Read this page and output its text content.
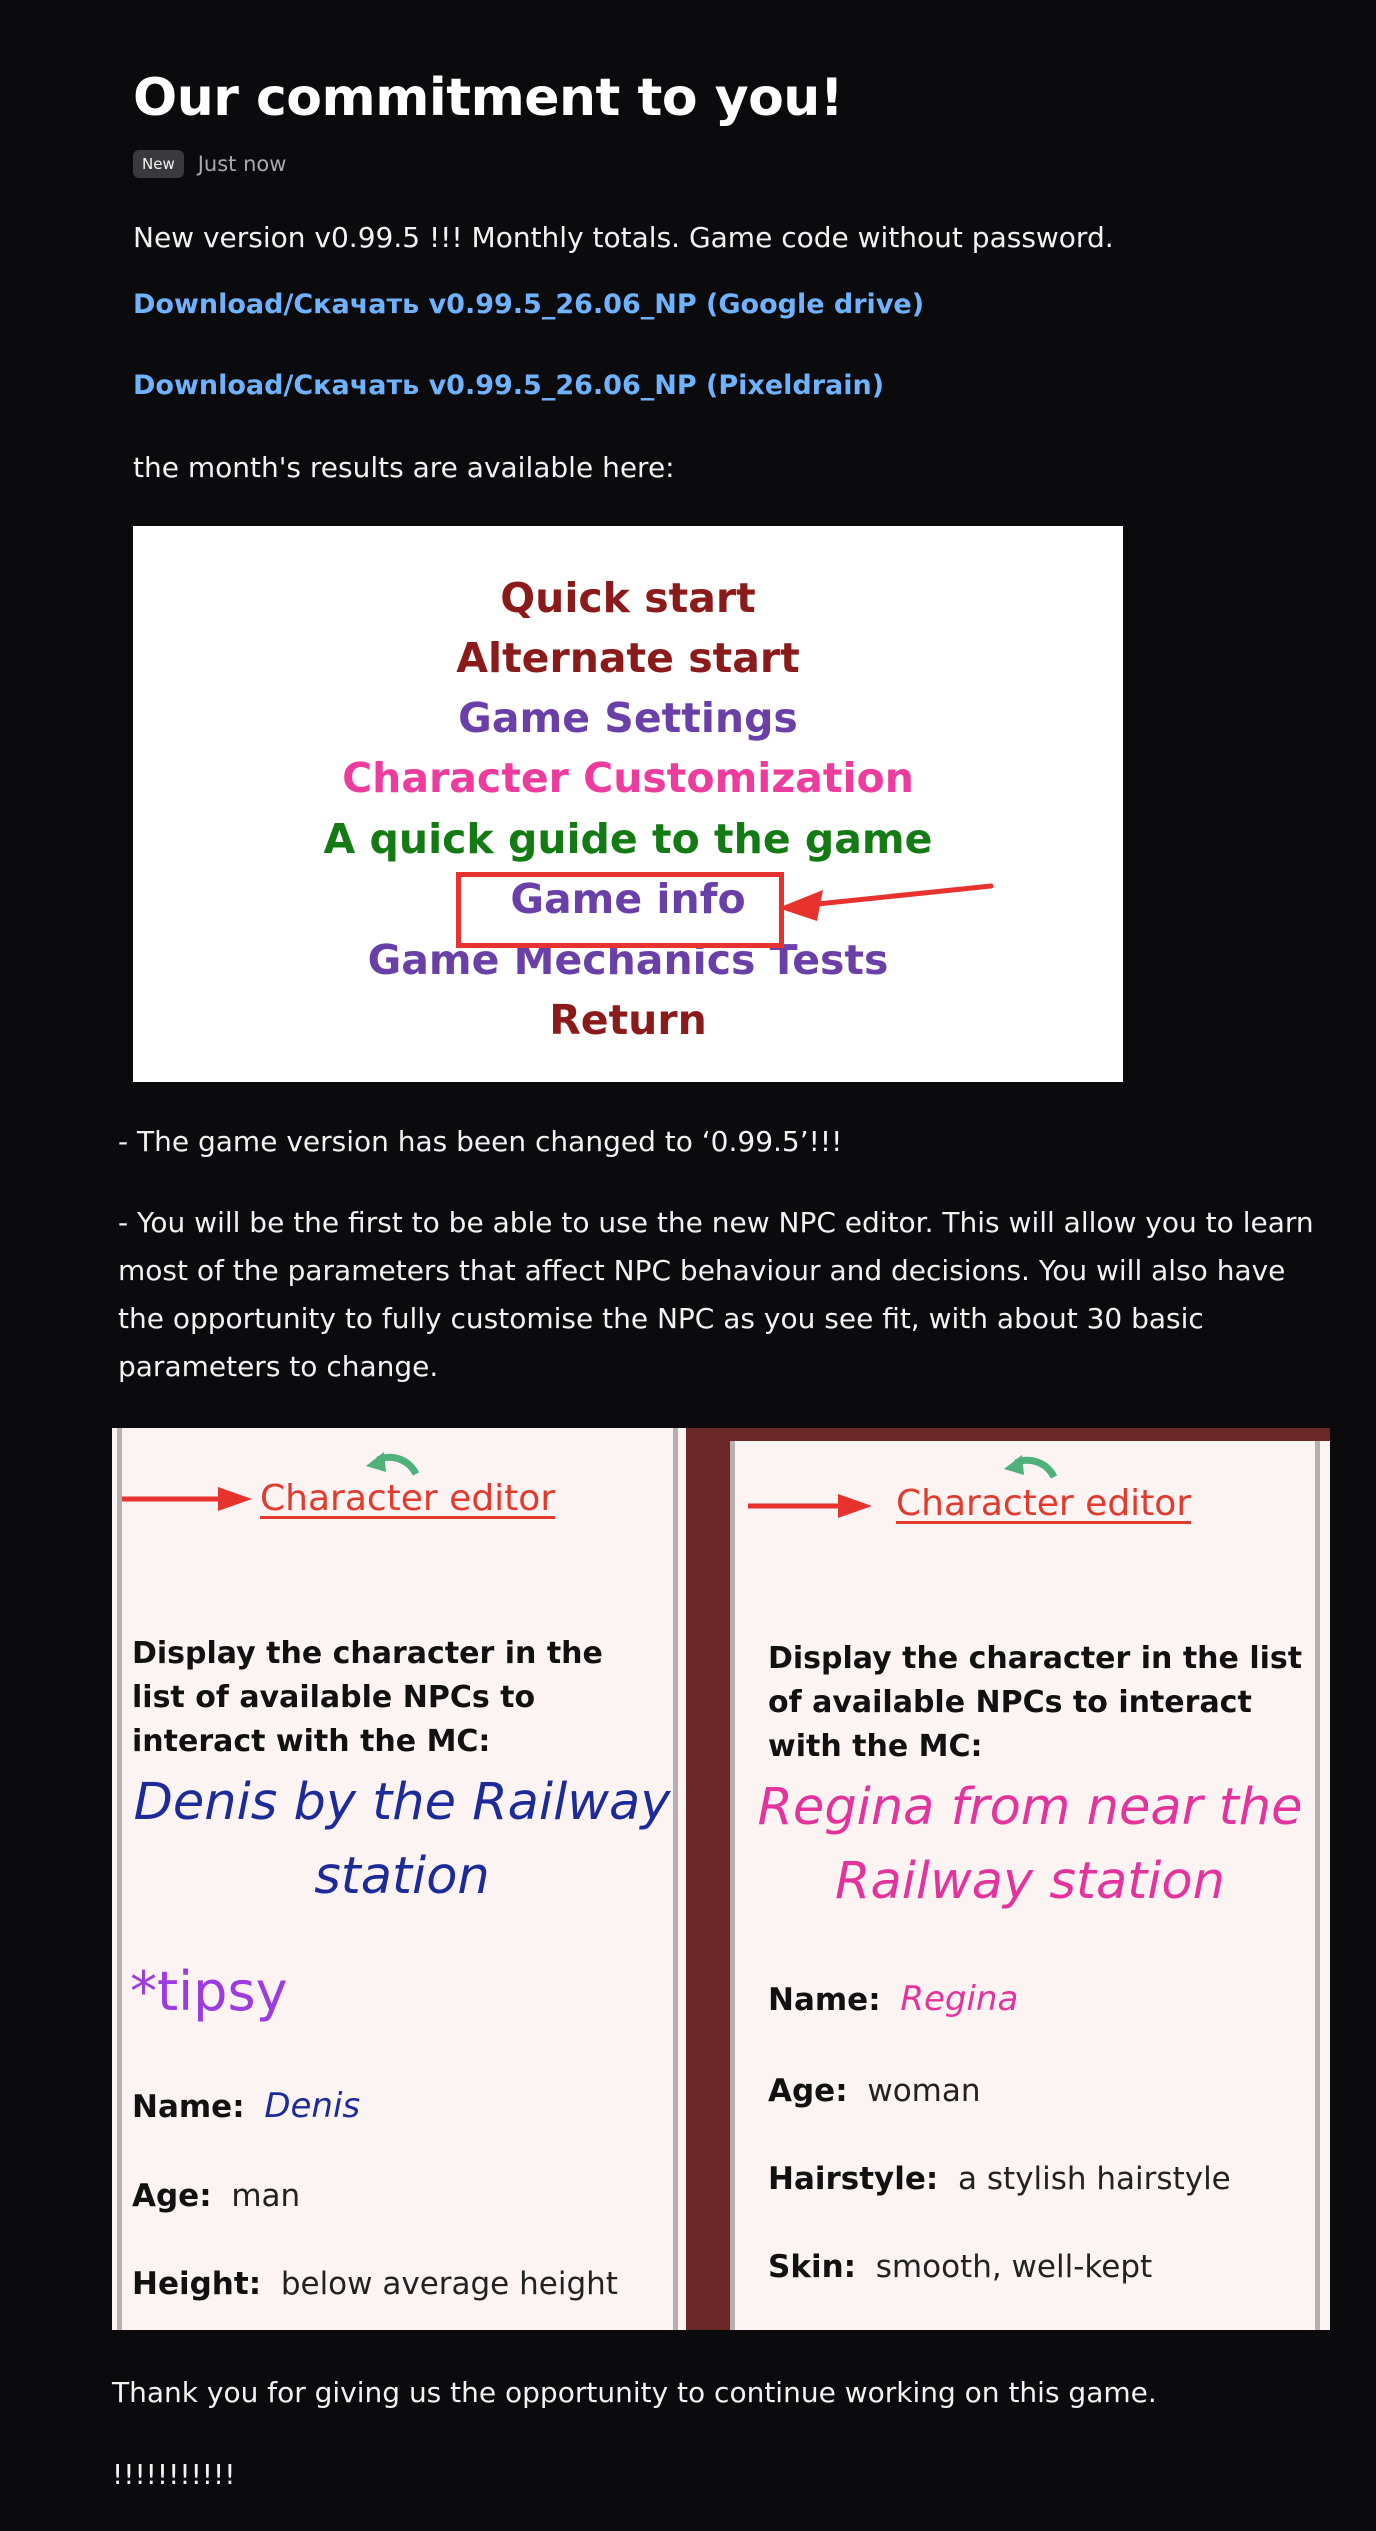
Our commitment to you!
New	Just now
New version v0.99.5 !!! Monthly totals. Game code without password.
Download/Скачать v0.99.5_26.06_NP (Google drive)
Download/Скачать v0.99.5_26.06_NP (Pixeldrain)
the month's results are available here:
Quick start
Alternate start
Game Settings
Character Customization
A quick guide to the game
Game info
Game Mechanics Tests
Return
- The game version has been changed to ‘0.99.5’!!!
- You will be the first to be able to use the new NPC editor. This will allow you to learn most of the parameters that affect NPC behaviour and decisions. You will also have the opportunity to fully customise the NPC as you see fit, with about 30 basic parameters to change.
Character editor
Display the character in the list of available NPCs to interact with the MC:
Denis by the Railway station
*tipsy
Name: Denis
Age: man
Height: below average height
Character editor
Display the character in the list of available NPCs to interact with the MC:
Regina from near the Railway station
Name: Regina
Age: woman
Hairstyle: a stylish hairstyle
Skin: smooth, well-kept
Thank you for giving us the opportunity to continue working on this game.
!!!!!!!!!!!
